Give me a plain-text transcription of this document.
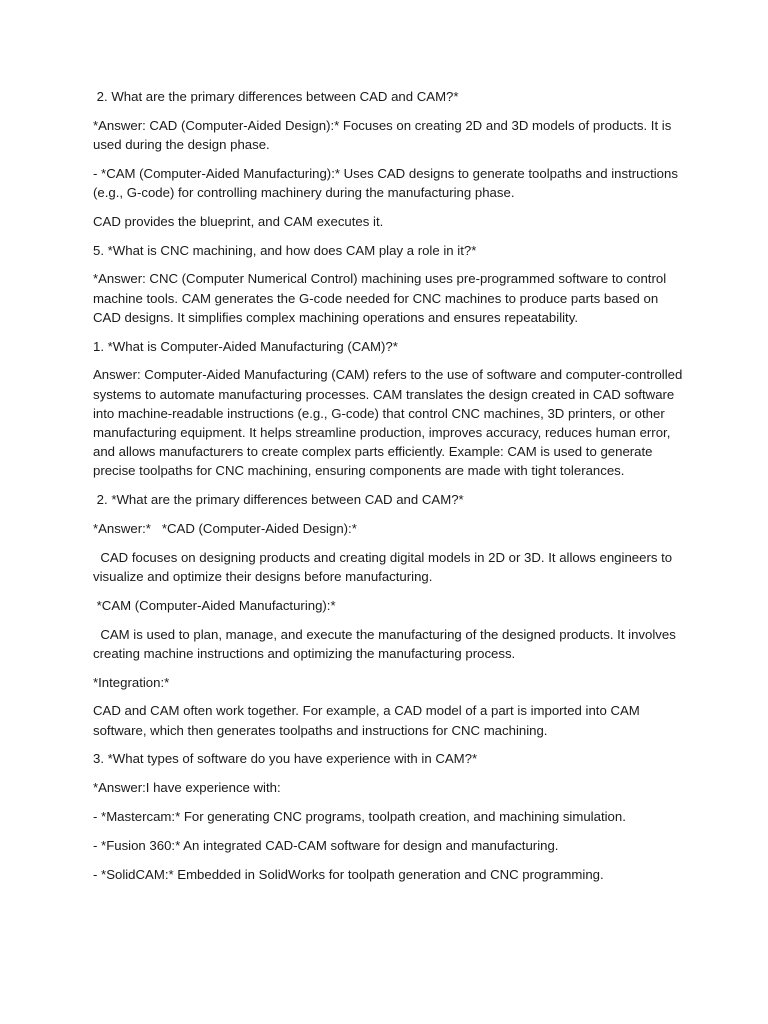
2. What are the primary differences between CAD and CAM?*

*Answer: CAD (Computer-Aided Design):* Focuses on creating 2D and 3D models of products. It is used during the design phase.

- *CAM (Computer-Aided Manufacturing):* Uses CAD designs to generate toolpaths and instructions (e.g., G-code) for controlling machinery during the manufacturing phase.

CAD provides the blueprint, and CAM executes it.

5. *What is CNC machining, and how does CAM play a role in it?*

*Answer: CNC (Computer Numerical Control) machining uses pre-programmed software to control machine tools. CAM generates the G-code needed for CNC machines to produce parts based on CAD designs. It simplifies complex machining operations and ensures repeatability.

1. *What is Computer-Aided Manufacturing (CAM)?*

Answer: Computer-Aided Manufacturing (CAM) refers to the use of software and computer-controlled systems to automate manufacturing processes. CAM translates the design created in CAD software into machine-readable instructions (e.g., G-code) that control CNC machines, 3D printers, or other manufacturing equipment. It helps streamline production, improves accuracy, reduces human error, and allows manufacturers to create complex parts efficiently. Example: CAM is used to generate precise toolpaths for CNC machining, ensuring components are made with tight tolerances.

2. *What are the primary differences between CAD and CAM?*

*Answer:*   *CAD (Computer-Aided Design):*

CAD focuses on designing products and creating digital models in 2D or 3D. It allows engineers to visualize and optimize their designs before manufacturing.

*CAM (Computer-Aided Manufacturing):*

CAM is used to plan, manage, and execute the manufacturing of the designed products. It involves creating machine instructions and optimizing the manufacturing process.

*Integration:*

CAD and CAM often work together. For example, a CAD model of a part is imported into CAM software, which then generates toolpaths and instructions for CNC machining.

3. *What types of software do you have experience with in CAM?*

*Answer:I have experience with:

- *Mastercam:* For generating CNC programs, toolpath creation, and machining simulation.

- *Fusion 360:* An integrated CAD-CAM software for design and manufacturing.

- *SolidCAM:* Embedded in SolidWorks for toolpath generation and CNC programming.
